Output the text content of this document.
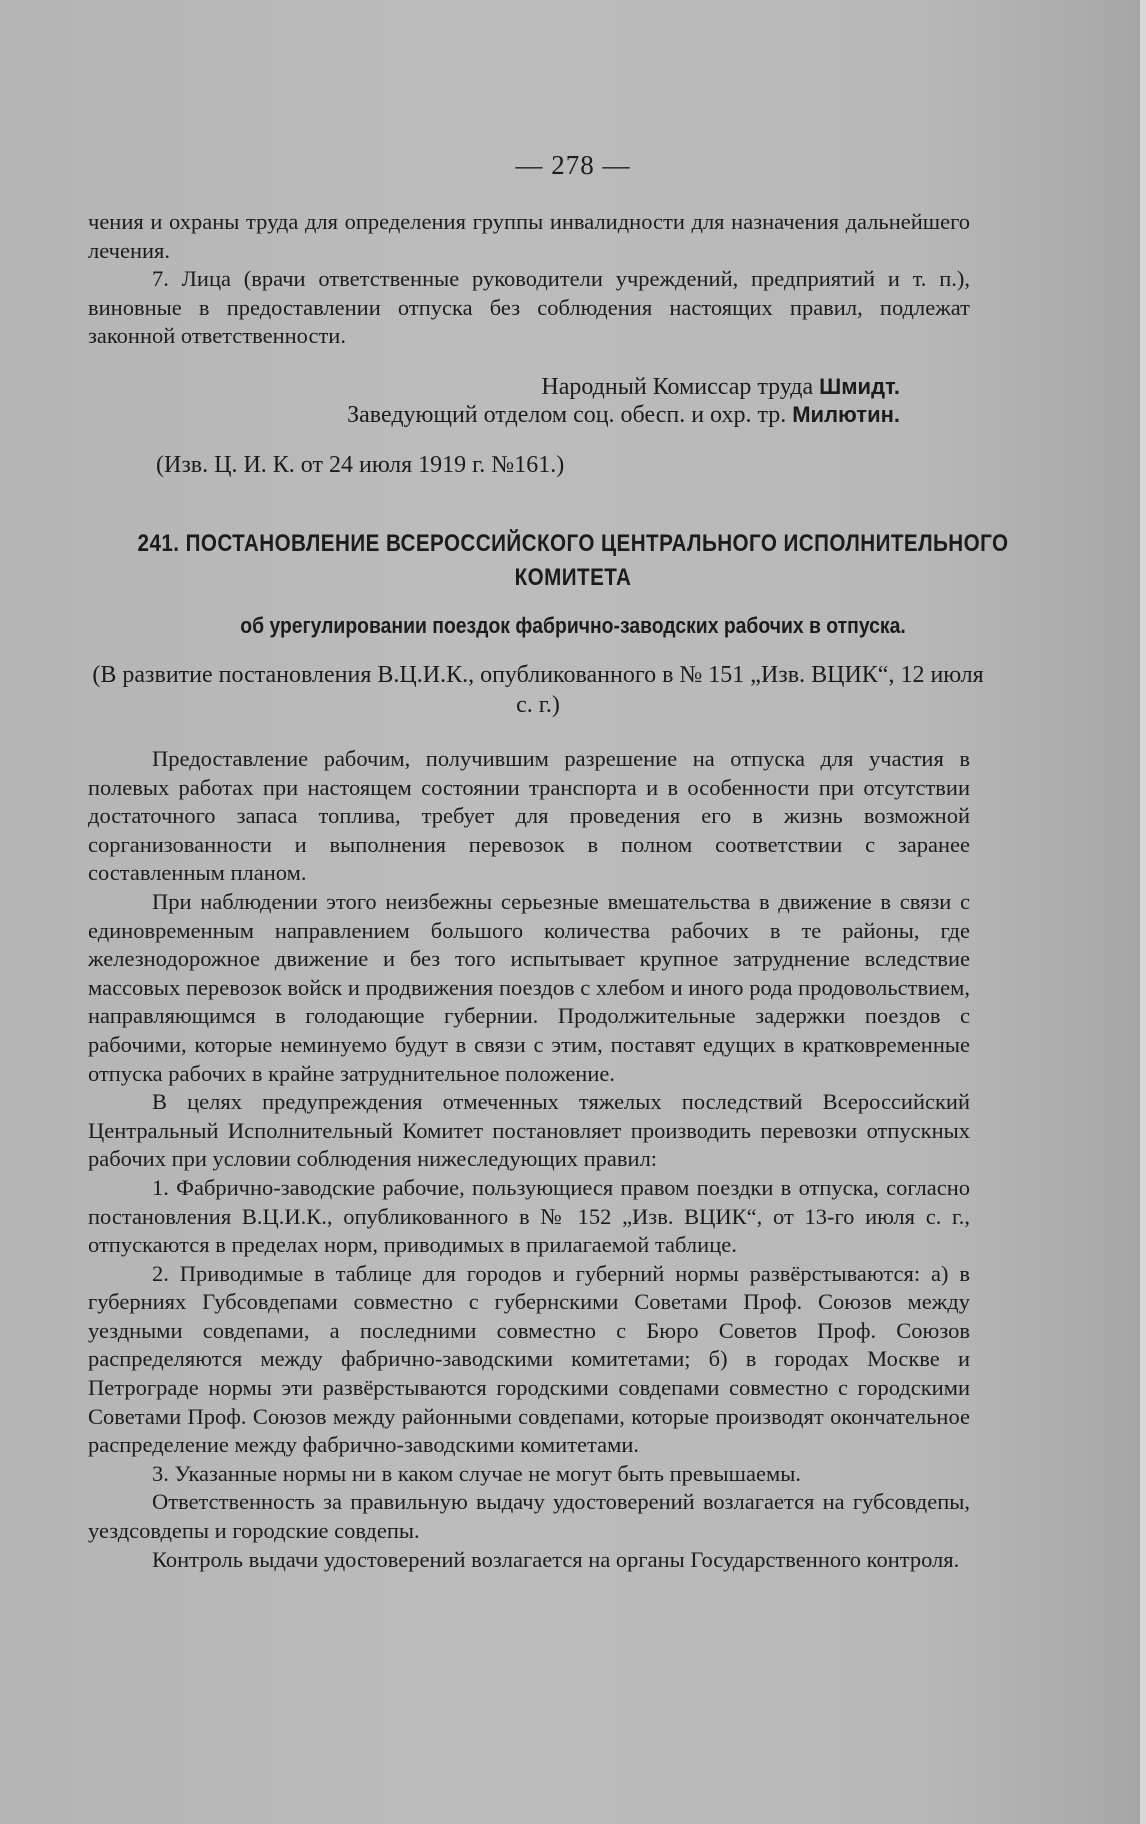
— 278 —

чения и охраны труда для определения группы инвалидности для назначения дальнейшего лечения.

7. Лица (врачи ответственные руководители учреждений, предприятий и т. п.), виновные в предоставлении отпуска без соблюдения настоящих правил, подлежат законной ответственности.

Народный Комиссар труда Шмидт.
Заведующий отделом соц. обесп. и охр. тр. Милютин.
(Изв. Ц. И. К. от 24 июля 1919 г. №161.)
241. ПОСТАНОВЛЕНИЕ ВСЕРОССИЙСКОГО ЦЕНТРАЛЬНОГО ИСПОЛНИТЕЛЬНОГО
КОМИТЕТА
об урегулировании поездок фабрично-заводских рабочих в отпуска.
(В развитие постановления В.Ц.И.К., опубликованного в № 151 „Изв. ВЦИК“, 12 июля с. г.)

Предоставление рабочим, получившим разрешение на отпуска для участия в полевых работах при настоящем состоянии транспорта и в особенности при отсутствии достаточного запаса топлива, требует для проведения его в жизнь возможной сорганизованности и выполнения перевозок в полном соответствии с заранее составленным планом.

При наблюдении этого неизбежны серьезные вмешательства в движение в связи с единовременным направлением большого количества рабочих в те районы, где железнодорожное движение и без того испытывает крупное затруднение вследствие массовых перевозок войск и продвижения поездов с хлебом и иного рода продовольствием, направляющимся в голодающие губернии. Продолжительные задержки поездов с рабочими, которые неминуемо будут в связи с этим, поставят едущих в кратковременные отпуска рабочих в крайне затруднительное положение.

В целях предупреждения отмеченных тяжелых последствий Всероссийский Центральный Исполнительный Комитет постановляет производить перевозки отпускных рабочих при условии соблюдения нижеследующих правил:

1. Фабрично-заводские рабочие, пользующиеся правом поездки в отпуска, согласно постановления В.Ц.И.К., опубликованного в № 152 „Изв. ВЦИК“, от 13-го июля с. г., отпускаются в пределах норм, приводимых в прилагаемой таблице.

2. Приводимые в таблице для городов и губерний нормы развёрстываются: а) в губерниях Губсовдепами совместно с губернскими Советами Проф. Союзов между уездными совдепами, а последними совместно с Бюро Советов Проф. Союзов распределяются между фабрично-заводскими комитетами; б) в городах Москве и Петрограде нормы эти развёрстываются городскими совдепами совместно с городскими Советами Проф. Союзов между районными совдепами, которые производят окончательное распределение между фабрично-заводскими комитетами.

3. Указанные нормы ни в каком случае не могут быть превышаемы.

Ответственность за правильную выдачу удостоверений возлагается на губсовдепы, уездсовдепы и городские совдепы.

Контроль выдачи удостоверений возлагается на органы Государственного контроля.
